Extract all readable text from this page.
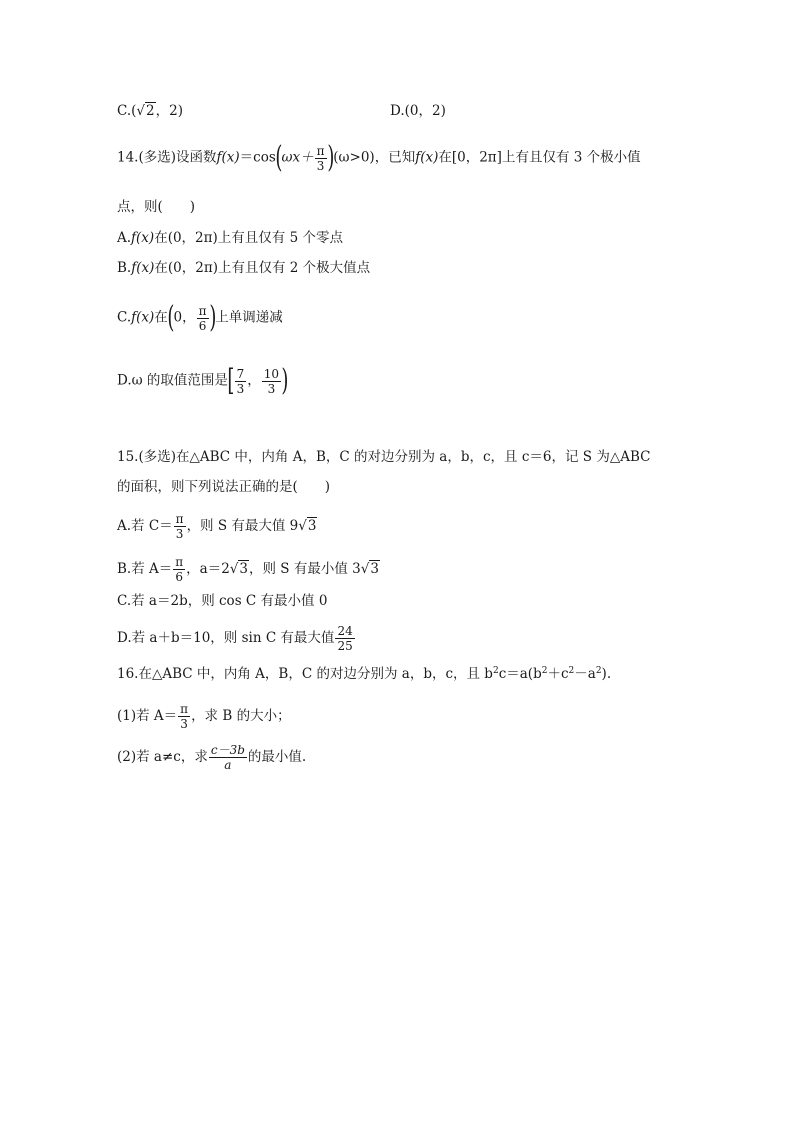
C.(√2，2)	D.(0，2)
14.(多选)设函数$f(x)=\cos(\omega x+ \frac{\pi}{3} )(\omega>0)$，已知f(x)在[0，2π]上有且仅有 3 个极小值
点，则(　　)
A.f(x)在(0，2π)上有且仅有 5 个零点
B.f(x)在(0，2π)上有且仅有 2 个极大值点
C.f(x)在(0， $\frac{\pi}{6}$ )上单调递减
D.ω 的取值范围是[ $\frac{7}{3}$ ， $\frac{10}{3}$ )
15.(多选)在△ABC 中，内角 A，B，C 的对边分别为 a，b，c，且 c＝6，记 S 为△ABC
的面积，则下列说法正确的是(　　)
A.若 $C= \frac{\pi}{3}$ ，则 S 有最大值 9√3
B.若 $A= \frac{\pi}{6}$ ，a＝2√3，则 S 有最小值 3√3
C.若 a＝2b，则 cos C 有最小值 0
D.若 a＋b＝10，则 sin C 有最大值 $\frac{24}{25}$
16.在△ABC 中，内角 A，B，C 的对边分别为 a，b，c，且 $b^2c=a(b^2+c^2-a^2)$.
(1)若 $A= \frac{\pi}{3}$ ，求 B 的大小；
(2)若 a≠c，求 $\frac{c-3b}{a}$ 的最小值.
